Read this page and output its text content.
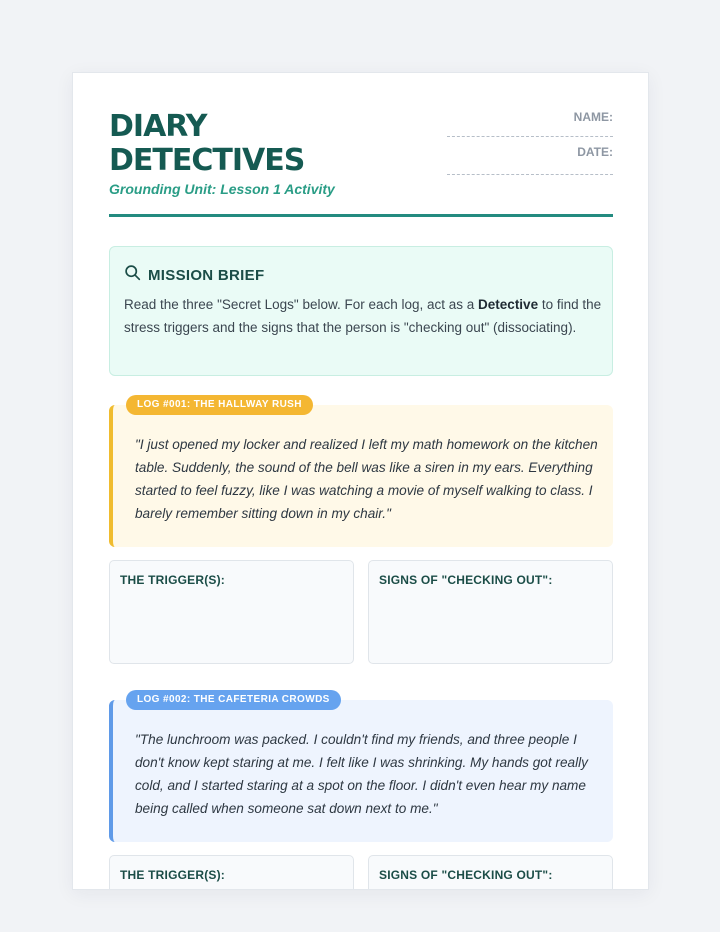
DIARY
DETECTIVES
Grounding Unit: Lesson 1 Activity
NAME:
DATE:
MISSION BRIEF

Read the three "Secret Logs" below. For each log, act as a Detective to find the stress triggers and the signs that the person is "checking out" (dissociating).

"I just opened my locker and realized I left my math homework on the kitchen table. Suddenly, the sound of the bell was like a siren in my ears. Everything started to feel fuzzy, like I was watching a movie of myself walking to class. I barely remember sitting down in my chair."

LOG #001: THE HALLWAY RUSH
THE TRIGGER(S):	SIGNS OF "CHECKING OUT":

"The lunchroom was packed. I couldn't find my friends, and three people I don't know kept staring at me. I felt like I was shrinking. My hands got really cold, and I started staring at a spot on the floor. I didn't even hear my name being called when someone sat down next to me."

LOG #002: THE CAFETERIA CROWDS
THE TRIGGER(S):	SIGNS OF "CHECKING OUT":
